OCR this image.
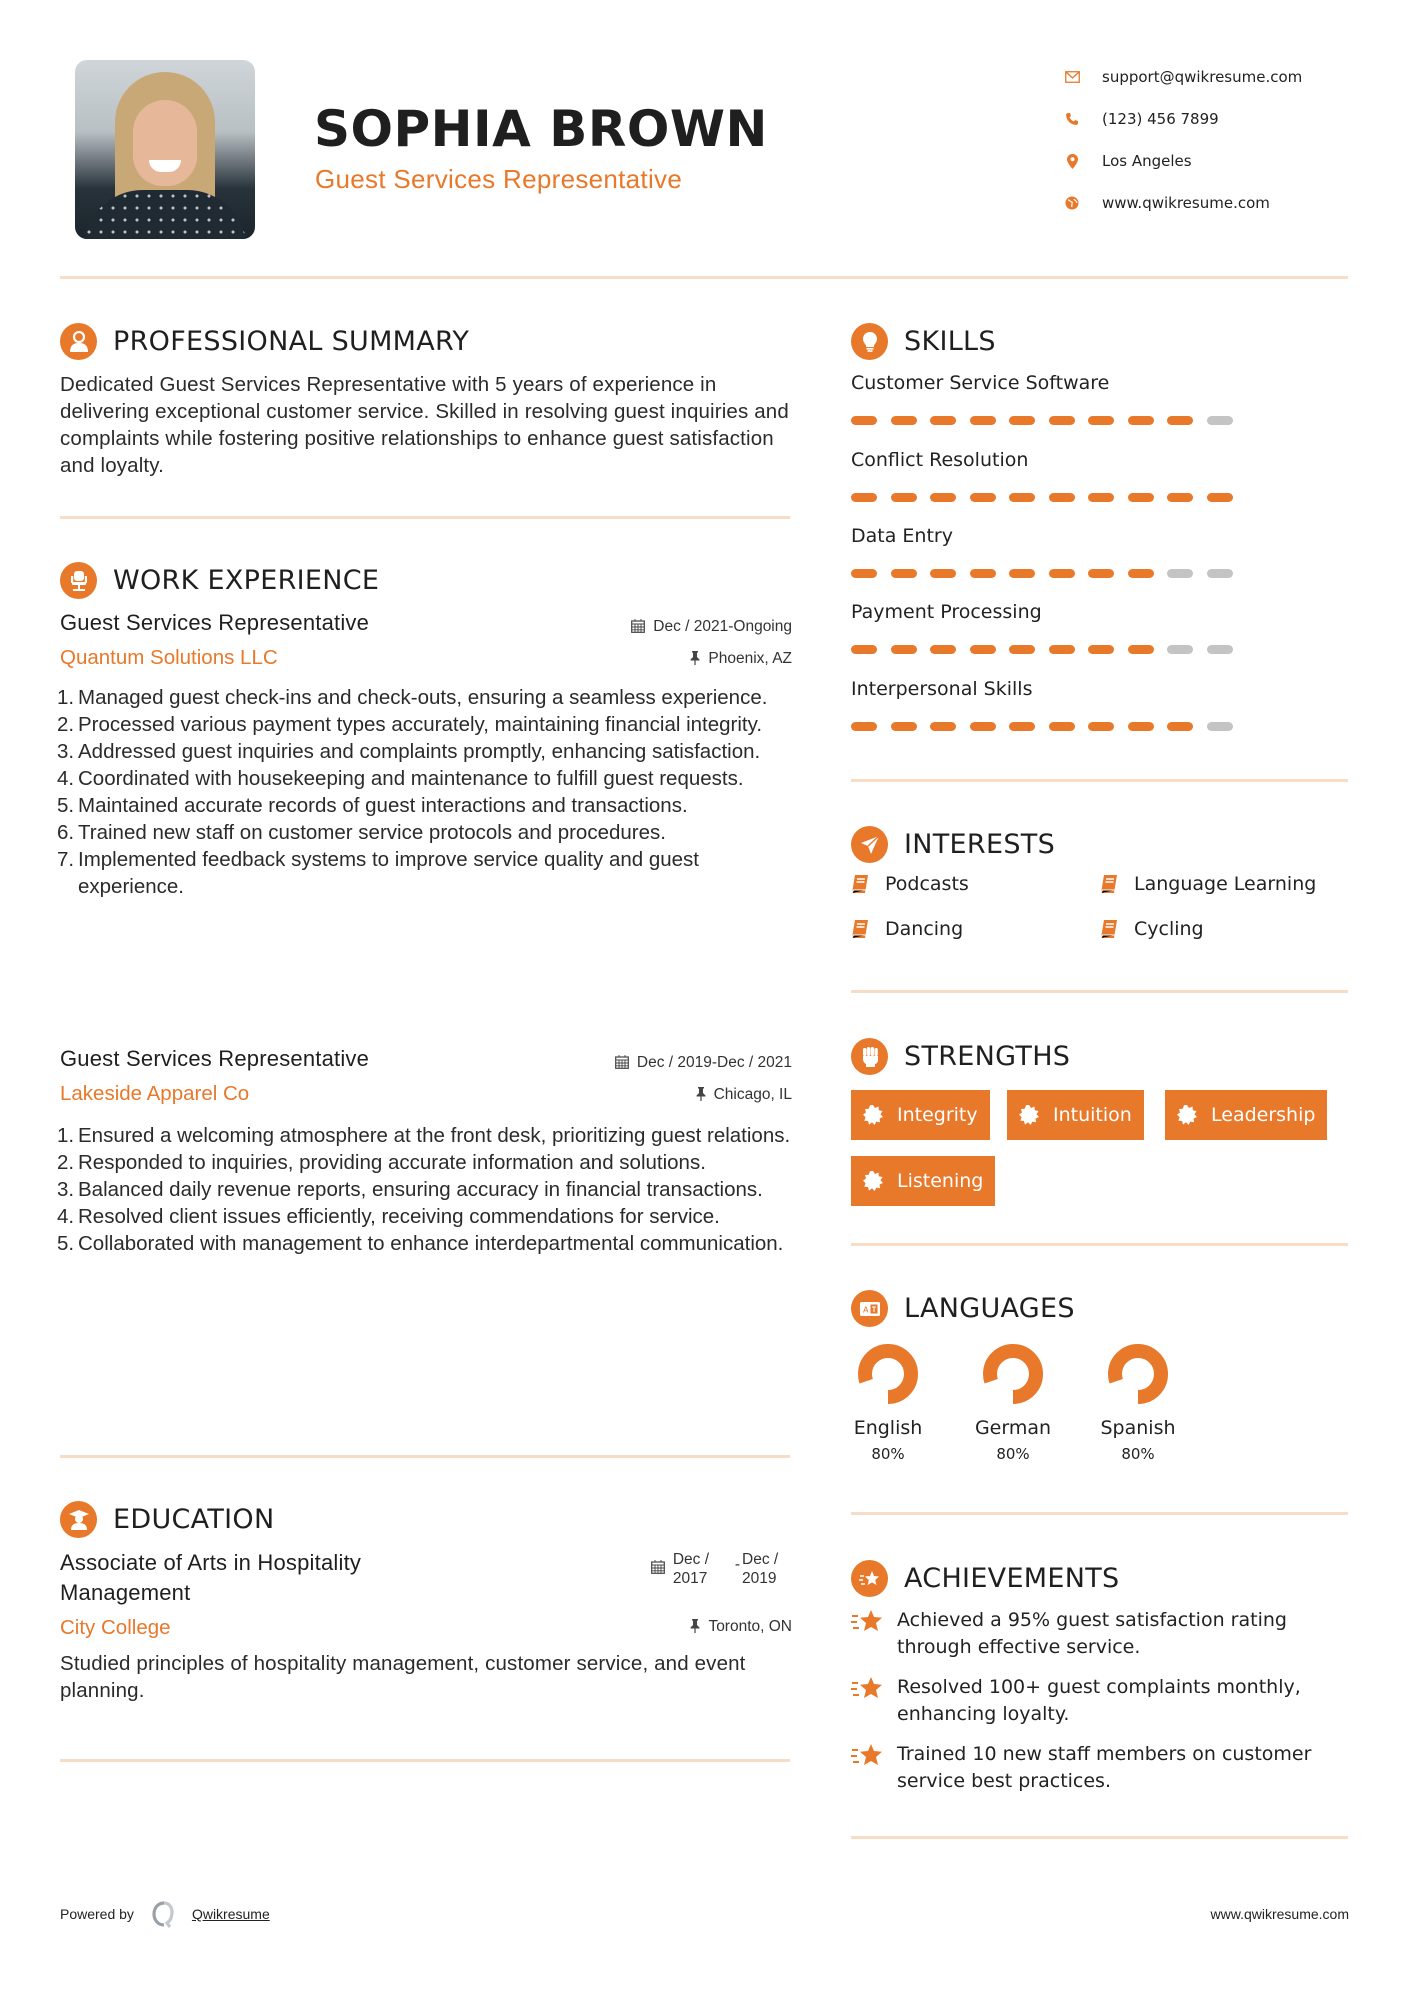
SOPHIA BROWN
Guest Services Representative
support@qwikresume.com
(123) 456 7899
Los Angeles
www.qwikresume.com
PROFESSIONAL SUMMARY
Dedicated Guest Services Representative with 5 years of experience in delivering exceptional customer service. Skilled in resolving guest inquiries and complaints while fostering positive relationships to enhance guest satisfaction and loyalty.
WORK EXPERIENCE
Guest Services Representative
Quantum Solutions LLC
Dec / 2021-Ongoing
Phoenix, AZ
1. Managed guest check-ins and check-outs, ensuring a seamless experience.
2. Processed various payment types accurately, maintaining financial integrity.
3. Addressed guest inquiries and complaints promptly, enhancing satisfaction.
4. Coordinated with housekeeping and maintenance to fulfill guest requests.
5. Maintained accurate records of guest interactions and transactions.
6. Trained new staff on customer service protocols and procedures.
7. Implemented feedback systems to improve service quality and guest experience.
Guest Services Representative
Lakeside Apparel Co
Dec / 2019-Dec / 2021
Chicago, IL
1. Ensured a welcoming atmosphere at the front desk, prioritizing guest relations.
2. Responded to inquiries, providing accurate information and solutions.
3. Balanced daily revenue reports, ensuring accuracy in financial transactions.
4. Resolved client issues efficiently, receiving commendations for service.
5. Collaborated with management to enhance interdepartmental communication.
EDUCATION
Associate of Arts in Hospitality Management
City College
Dec / 2017
- Dec / 2019
Toronto, ON
Studied principles of hospitality management, customer service, and event planning.
SKILLS
Customer Service Software
Conflict Resolution
Data Entry
Payment Processing
Interpersonal Skills
INTERESTS
Podcasts	Language Learning
Dancing	Cycling
STRENGTHS
Integrity	Intuition	Leadership
Listening
A LANGUAGES
English
80%
German
80%
Spanish
80%
ACHIEVEMENTS
Achieved a 95% guest satisfaction rating through effective service.
Resolved 100+ guest complaints monthly, enhancing loyalty.
Trained 10 new staff members on customer service best practices.
Powered by	Qwikresume	www.qwikresume.com
